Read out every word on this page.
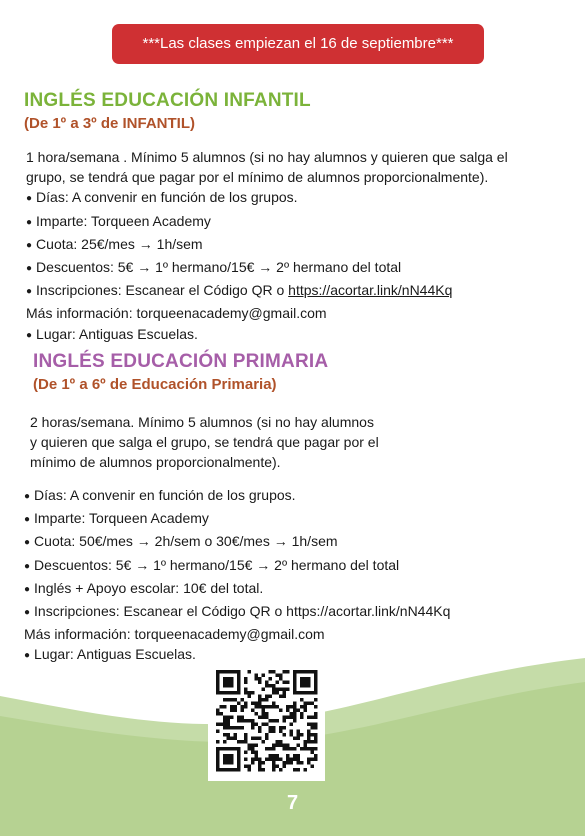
***Las clases empiezan el 16 de septiembre***
INGLÉS EDUCACIÓN INFANTIL
(De 1º a 3º de INFANTIL)

1 hora/semana . Mínimo 5 alumnos (si no hay alumnos y quieren que salga el

grupo, se tendrá que pagar por el mínimo de alumnos proporcionalmente).

● Días: A convenir en función de los grupos.

● Imparte: Torqueen Academy

● Cuota: 25€/mes → 1h/sem

● Descuentos: 5€ → 1º hermano/15€ → 2º hermano del total

● Inscripciones: Escanear el Código QR o https://acortar.link/nN44Kq

Más información: torqueenacademy@gmail.com

● Lugar: Antiguas Escuelas.

INGLÉS EDUCACIÓN PRIMARIA
(De 1º a 6º de Educación Primaria)

2 horas/semana. Mínimo 5 alumnos (si no hay alumnos

y quieren que salga el grupo, se tendrá que pagar por el

mínimo de alumnos proporcionalmente).

● Días: A convenir en función de los grupos.

● Imparte: Torqueen Academy

● Cuota: 50€/mes → 2h/sem o 30€/mes → 1h/sem

● Descuentos: 5€ → 1º hermano/15€ → 2º hermano del total

● Inglés + Apoyo escolar: 10€ del total.

● Inscripciones: Escanear el Código QR o https://acortar.link/nN44Kq

Más información: torqueenacademy@gmail.com

● Lugar: Antiguas Escuelas.

7
